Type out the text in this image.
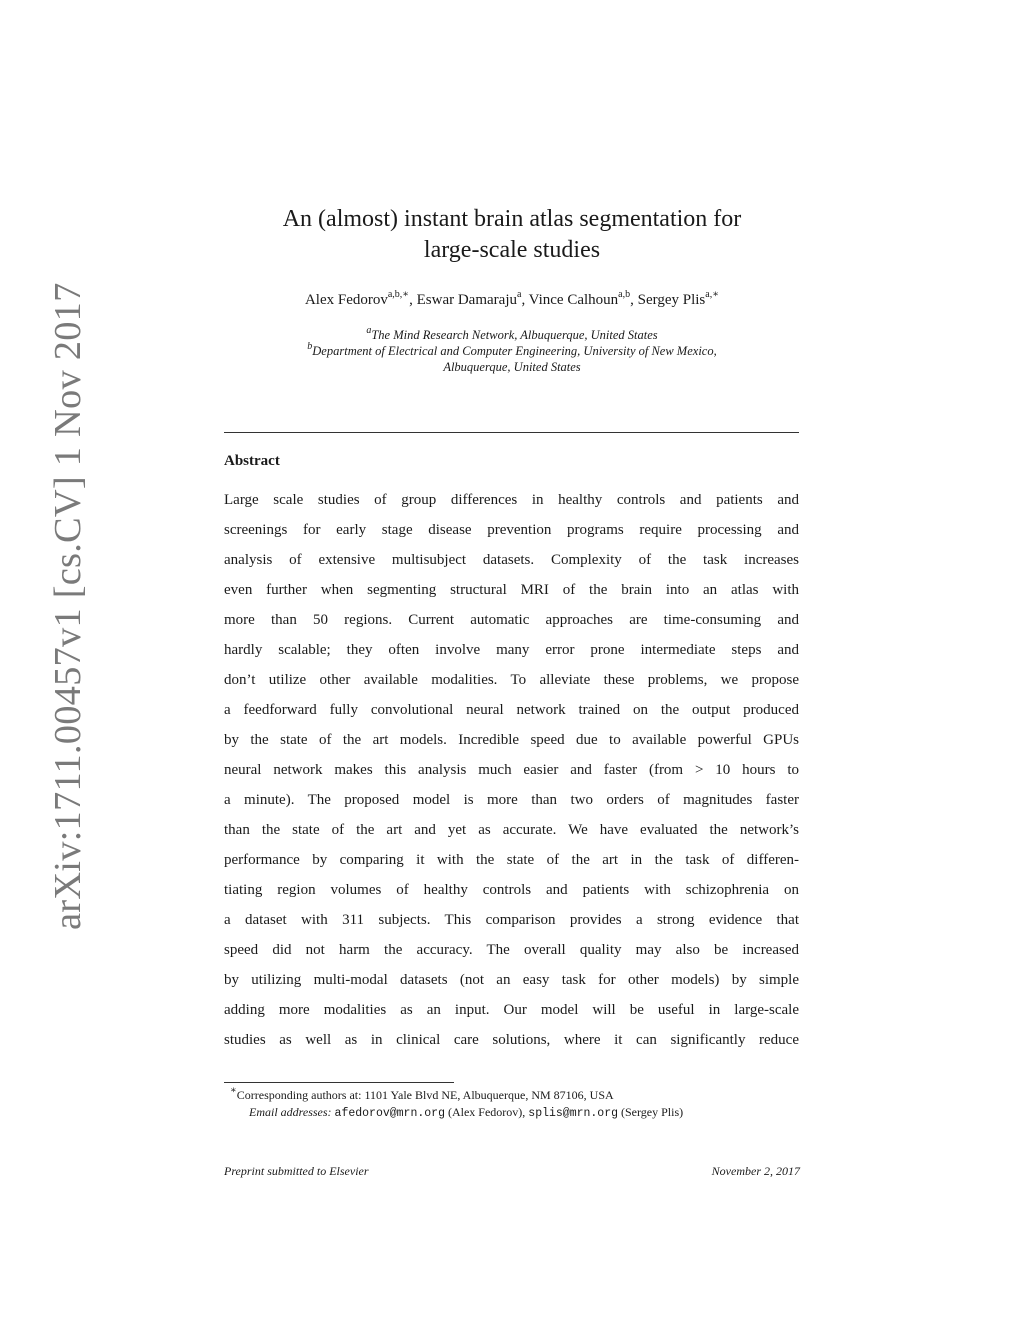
arXiv:1711.00457v1 [cs.CV] 1 Nov 2017
An (almost) instant brain atlas segmentation for
large-scale studies
Alex Fedorov$^{a,b,∗}$, Eswar Damaraju$^a$, Vince Calhoun$^{a,b}$, Sergey Plis$^{a,∗}$
$^a$The Mind Research Network, Albuquerque, United States
$^b$Department of Electrical and Computer Engineering, University of New Mexico,
Albuquerque, United States
Abstract
Large scale studies of group differences in healthy controls and patients and
screenings for early stage disease prevention programs require processing and
analysis of extensive multisubject datasets. Complexity of the task increases
even further when segmenting structural MRI of the brain into an atlas with
more than 50 regions. Current automatic approaches are time-consuming and
hardly scalable; they often involve many error prone intermediate steps and
don’t utilize other available modalities. To alleviate these problems, we propose
a feedforward fully convolutional neural network trained on the output produced
by the state of the art models. Incredible speed due to available powerful GPUs
neural network makes this analysis much easier and faster (from > 10 hours to
a minute). The proposed model is more than two orders of magnitudes faster
than the state of the art and yet as accurate. We have evaluated the network’s
performance by comparing it with the state of the art in the task of differen-
tiating region volumes of healthy controls and patients with schizophrenia on
a dataset with 311 subjects. This comparison provides a strong evidence that
speed did not harm the accuracy. The overall quality may also be increased
by utilizing multi-modal datasets (not an easy task for other models) by simple
adding more modalities as an input. Our model will be useful in large-scale
studies as well as in clinical care solutions, where it can significantly reduce
∗Corresponding authors at: 1101 Yale Blvd NE, Albuquerque, NM 87106, USA
Email addresses: afedorov@mrn.org (Alex Fedorov), splis@mrn.org (Sergey Plis)
Preprint submitted to Elsevier	November 2, 2017
